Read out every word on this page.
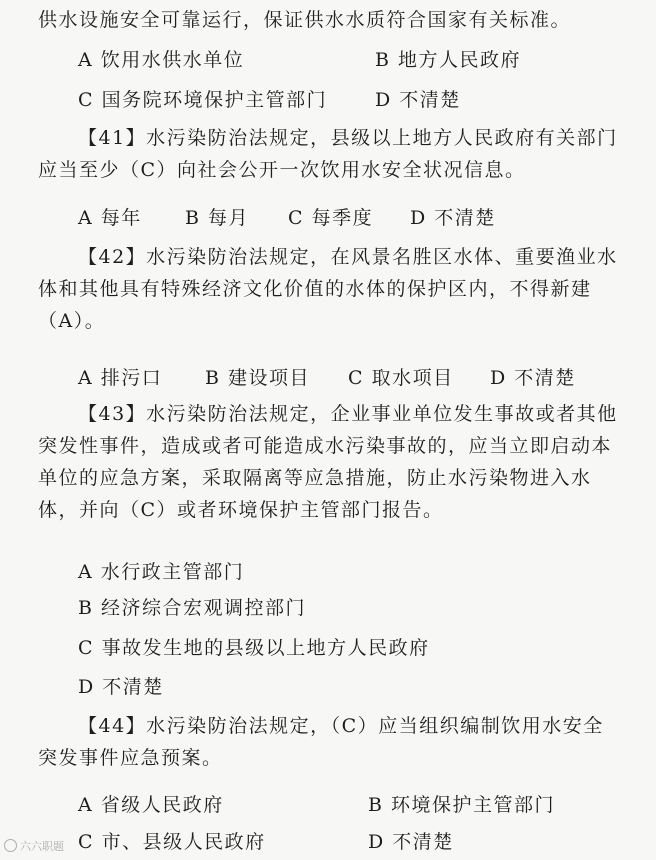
供水设施安全可靠运行，保证供水水质符合国家有关标准。
A 饮用水供水单位	B 地方人民政府
C 国务院环境保护主管部门	D 不清楚
【41】水污染防治法规定，县级以上地方人民政府有关部门应当至少（C）向社会公开一次饮用水安全状况信息。
A 每年 B 每月 C 每季度 D 不清楚
【42】水污染防治法规定，在风景名胜区水体、重要渔业水体和其他具有特殊经济文化价值的水体的保护区内，不得新建（A）。
A 排污口 B 建设项目 C 取水项目 D 不清楚
【43】水污染防治法规定，企业事业单位发生事故或者其他突发性事件，造成或者可能造成水污染事故的，应当立即启动本单位的应急方案，采取隔离等应急措施，防止水污染物进入水体，并向（C）或者环境保护主管部门报告。
A 水行政主管部门
B 经济综合宏观调控部门
C 事故发生地的县级以上地方人民政府
D 不清楚
【44】水污染防治法规定，（C）应当组织编制饮用水安全突发事件应急预案。
A 省级人民政府	B 环境保护主管部门
C 市、县级人民政府	D 不清楚
六六职题
